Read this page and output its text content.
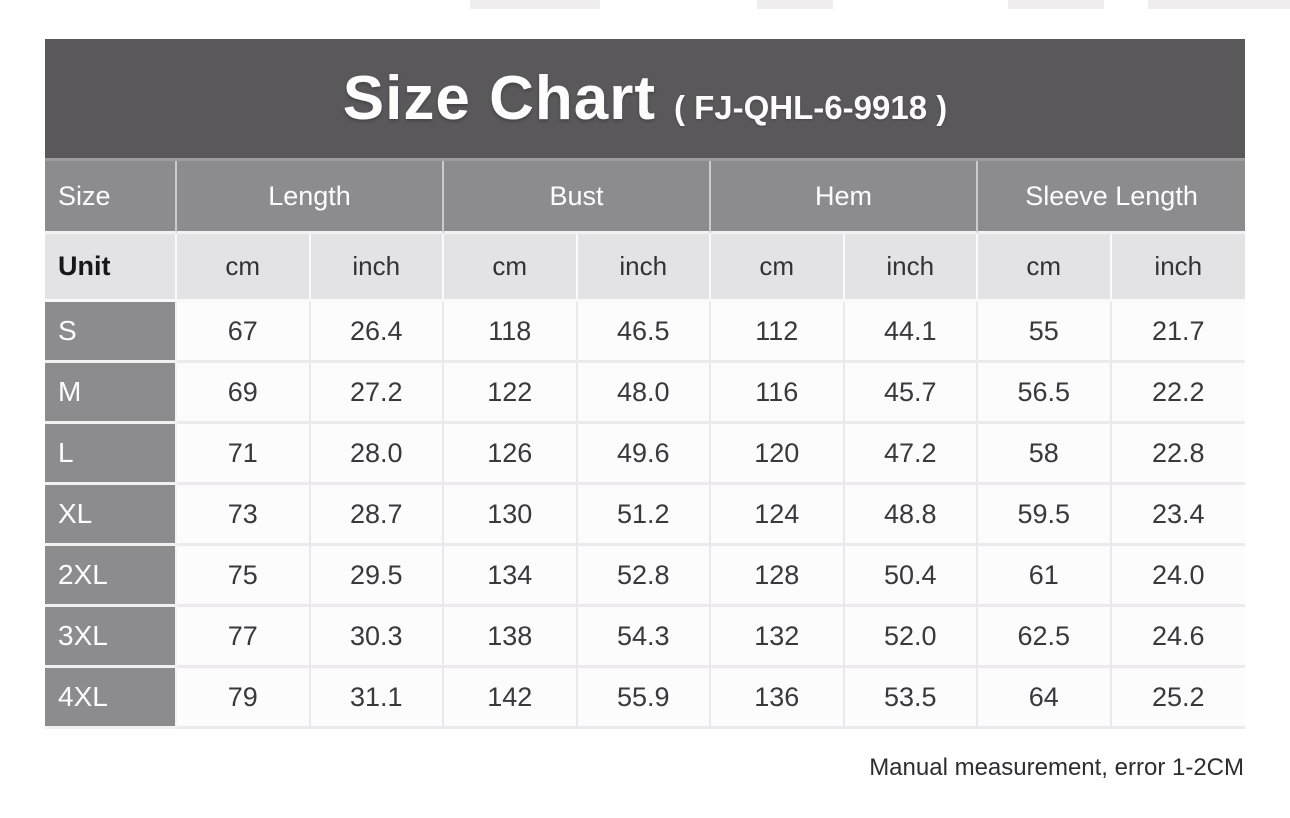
Size Chart ( FJ-QHL-6-9918 )
Size	Length		Bust		Hem		Sleeve Length	
Unit	cm	inch	cm	inch	cm	inch	cm	inch
S	67	26.4	118	46.5	112	44.1	55	21.7
M	69	27.2	122	48.0	116	45.7	56.5	22.2
L	71	28.0	126	49.6	120	47.2	58	22.8
XL	73	28.7	130	51.2	124	48.8	59.5	23.4
2XL	75	29.5	134	52.8	128	50.4	61	24.0
3XL	77	30.3	138	54.3	132	52.0	62.5	24.6
4XL	79	31.1	142	55.9	136	53.5	64	25.2
Manual measurement, error 1-2CM
